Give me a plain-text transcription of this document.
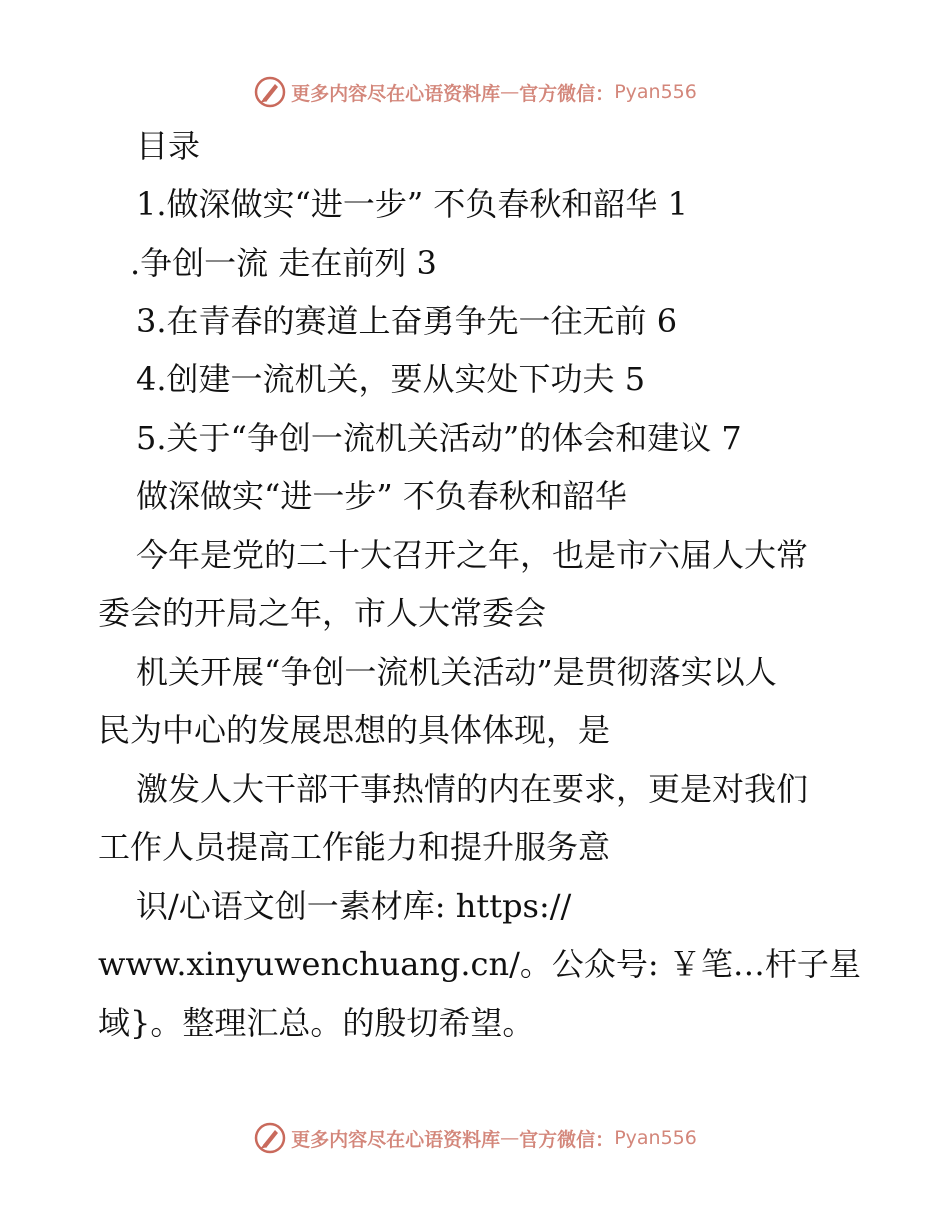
更多内容尽在心语资料库 — 官方微信： Pyan556
目录
1.做深做实“进一步” 不负春秋和韶华 1
.争创一流 走在前列 3
3.在青春的赛道上奋勇争先一往无前 6
4.创建一流机关，要从实处下功夫 5
5.关于“争创一流机关活动”的体会和建议 7
做深做实“进一步” 不负春秋和韶华
今年是党的二十大召开之年，也是市六届人大常
委会的开局之年，市人大常委会
机关开展“争创一流机关活动”是贯彻落实以人
民为中心的发展思想的具体体现，是
激发人大干部干事热情的内在要求，更是对我们
工作人员提高工作能力和提升服务意
识/心语文创一素材库: https://
www.xinyuwenchuang.cn/。公众号: ￥笔…杆子星
域}。整理汇总。的殷切希望。
更多内容尽在心语资料库 — 官方微信： Pyan556
